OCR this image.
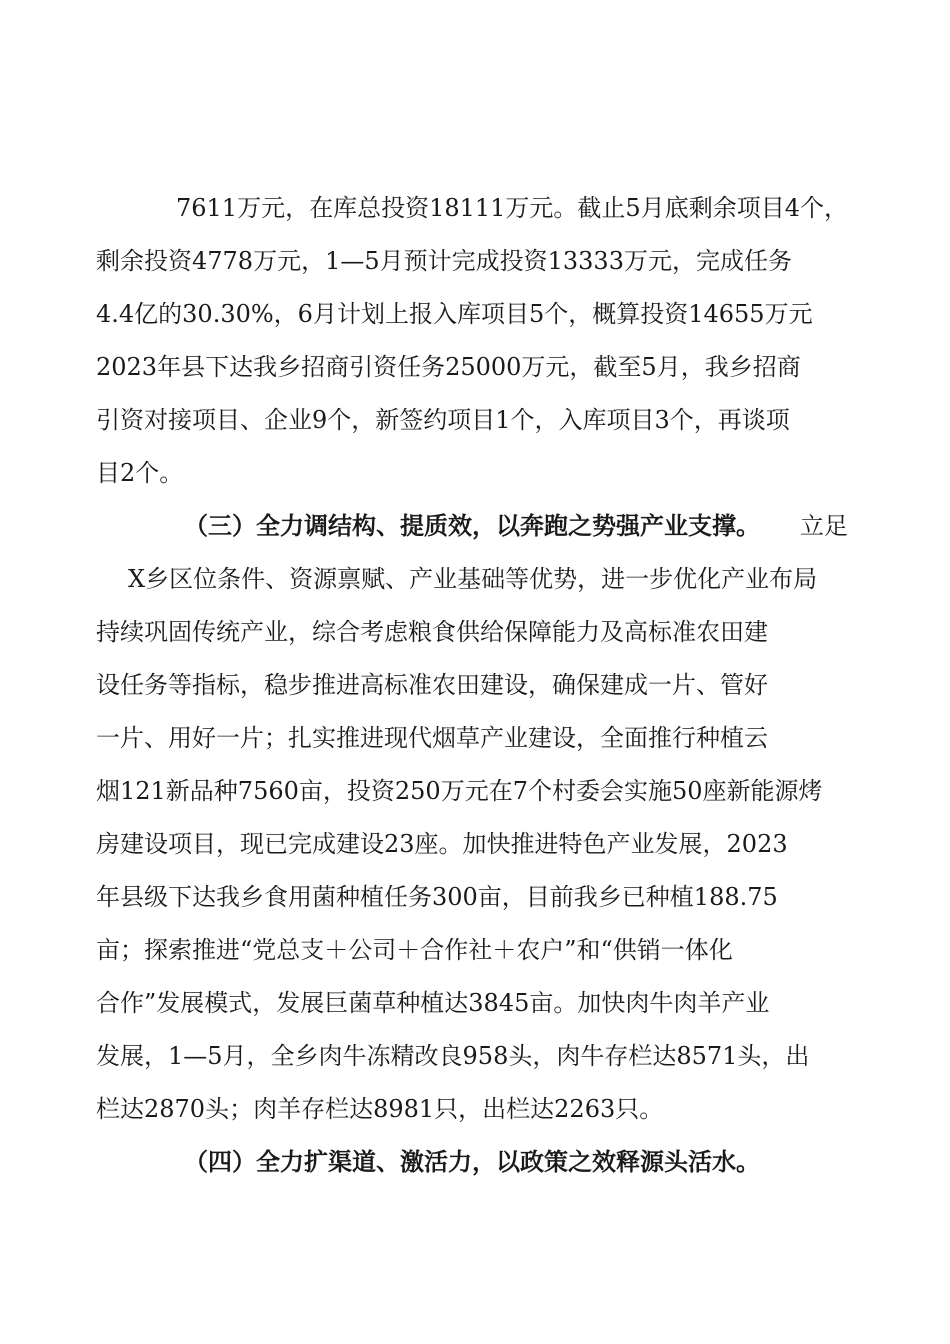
7611万元，在库总投资18111万元。截止5月底剩余项目4个，
剩余投资4778万元，1—5月预计完成投资13333万元，完成任务
4.4亿的30.30%，6月计划上报入库项目5个，概算投资14655万元
2023年县下达我乡招商引资任务25000万元，截至5月，我乡招商
引资对接项目、企业9个，新签约项目1个，入库项目3个，再谈项
目2个。
（三）全力调结构、提质效，以奔跑之势强产业支撑。 立足
X乡区位条件、资源禀赋、产业基础等优势，进一步优化产业布局
持续巩固传统产业，综合考虑粮食供给保障能力及高标准农田建
设任务等指标，稳步推进高标准农田建设，确保建成一片、管好
一片、用好一片；扎实推进现代烟草产业建设，全面推行种植云
烟121新品种7560亩，投资250万元在7个村委会实施50座新能源烤
房建设项目，现已完成建设23座。加快推进特色产业发展，2023
年县级下达我乡食用菌种植任务300亩，目前我乡已种植188.75
亩；探索推进“党总支＋公司＋合作社＋农户”和“供销一体化
合作”发展模式，发展巨菌草种植达3845亩。加快肉牛肉羊产业
发展，1—5月，全乡肉牛冻精改良958头，肉牛存栏达8571头，出
栏达2870头；肉羊存栏达8981只，出栏达2263只。
（四）全力扩渠道、激活力，以政策之效释源头活水。
